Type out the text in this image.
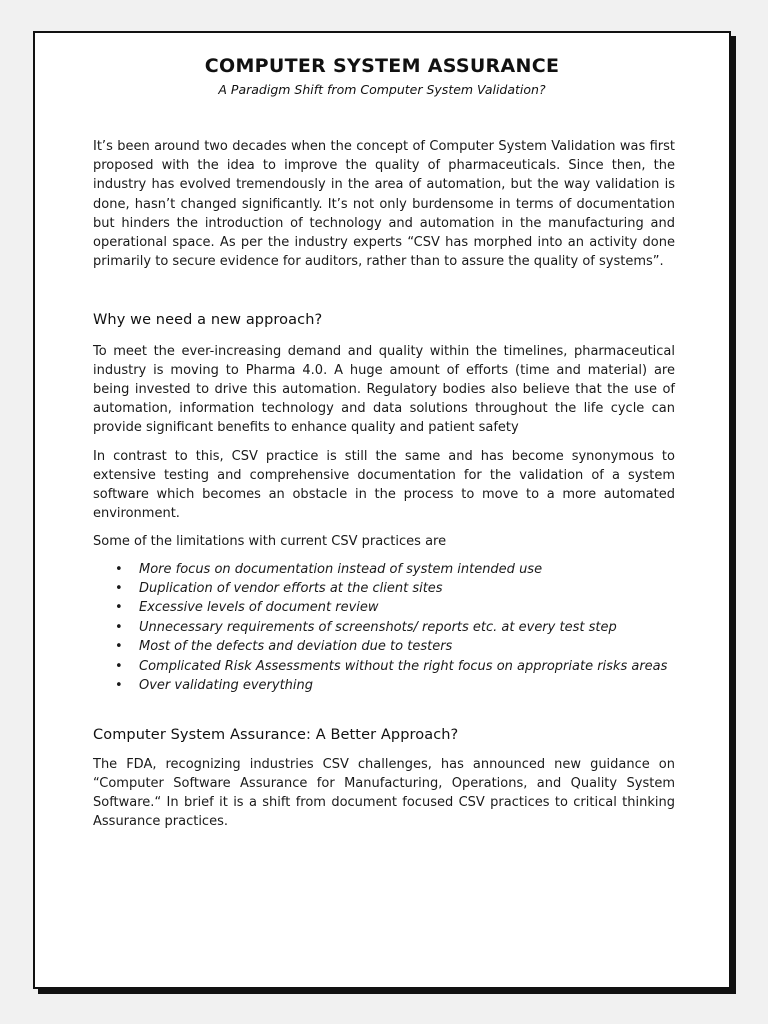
COMPUTER SYSTEM ASSURANCE
A Paradigm Shift from Computer System Validation?

It’s been around two decades when the concept of Computer System Validation was first proposed with the idea to improve the quality of pharmaceuticals. Since then, the industry has evolved tremendously in the area of automation, but the way validation is done, hasn’t changed significantly. It’s not only burdensome in terms of documentation but hinders the introduction of technology and automation in the manufacturing and operational space. As per the industry experts “CSV has morphed into an activity done primarily to secure evidence for auditors, rather than to assure the quality of systems”.

Why we need a new approach?

To meet the ever-increasing demand and quality within the timelines, pharmaceutical industry is moving to Pharma 4.0. A huge amount of efforts (time and material) are being invested to drive this automation. Regulatory bodies also believe that the use of automation, information technology and data solutions throughout the life cycle can provide significant benefits to enhance quality and patient safety

In contrast to this, CSV practice is still the same and has become synonymous to extensive testing and comprehensive documentation for the validation of a system software which becomes an obstacle in the process to move to a more automated environment.

Some of the limitations with current CSV practices are

• More focus on documentation instead of system intended use
• Duplication of vendor efforts at the client sites
• Excessive levels of document review
• Unnecessary requirements of screenshots/ reports etc. at every test step
• Most of the defects and deviation due to testers
• Complicated Risk Assessments without the right focus on appropriate risks areas
• Over validating everything
Computer System Assurance: A Better Approach?

The FDA, recognizing industries CSV challenges, has announced new guidance on “Computer Software Assurance for Manufacturing, Operations, and Quality System Software.“ In brief it is a shift from document focused CSV practices to critical thinking Assurance practices.
